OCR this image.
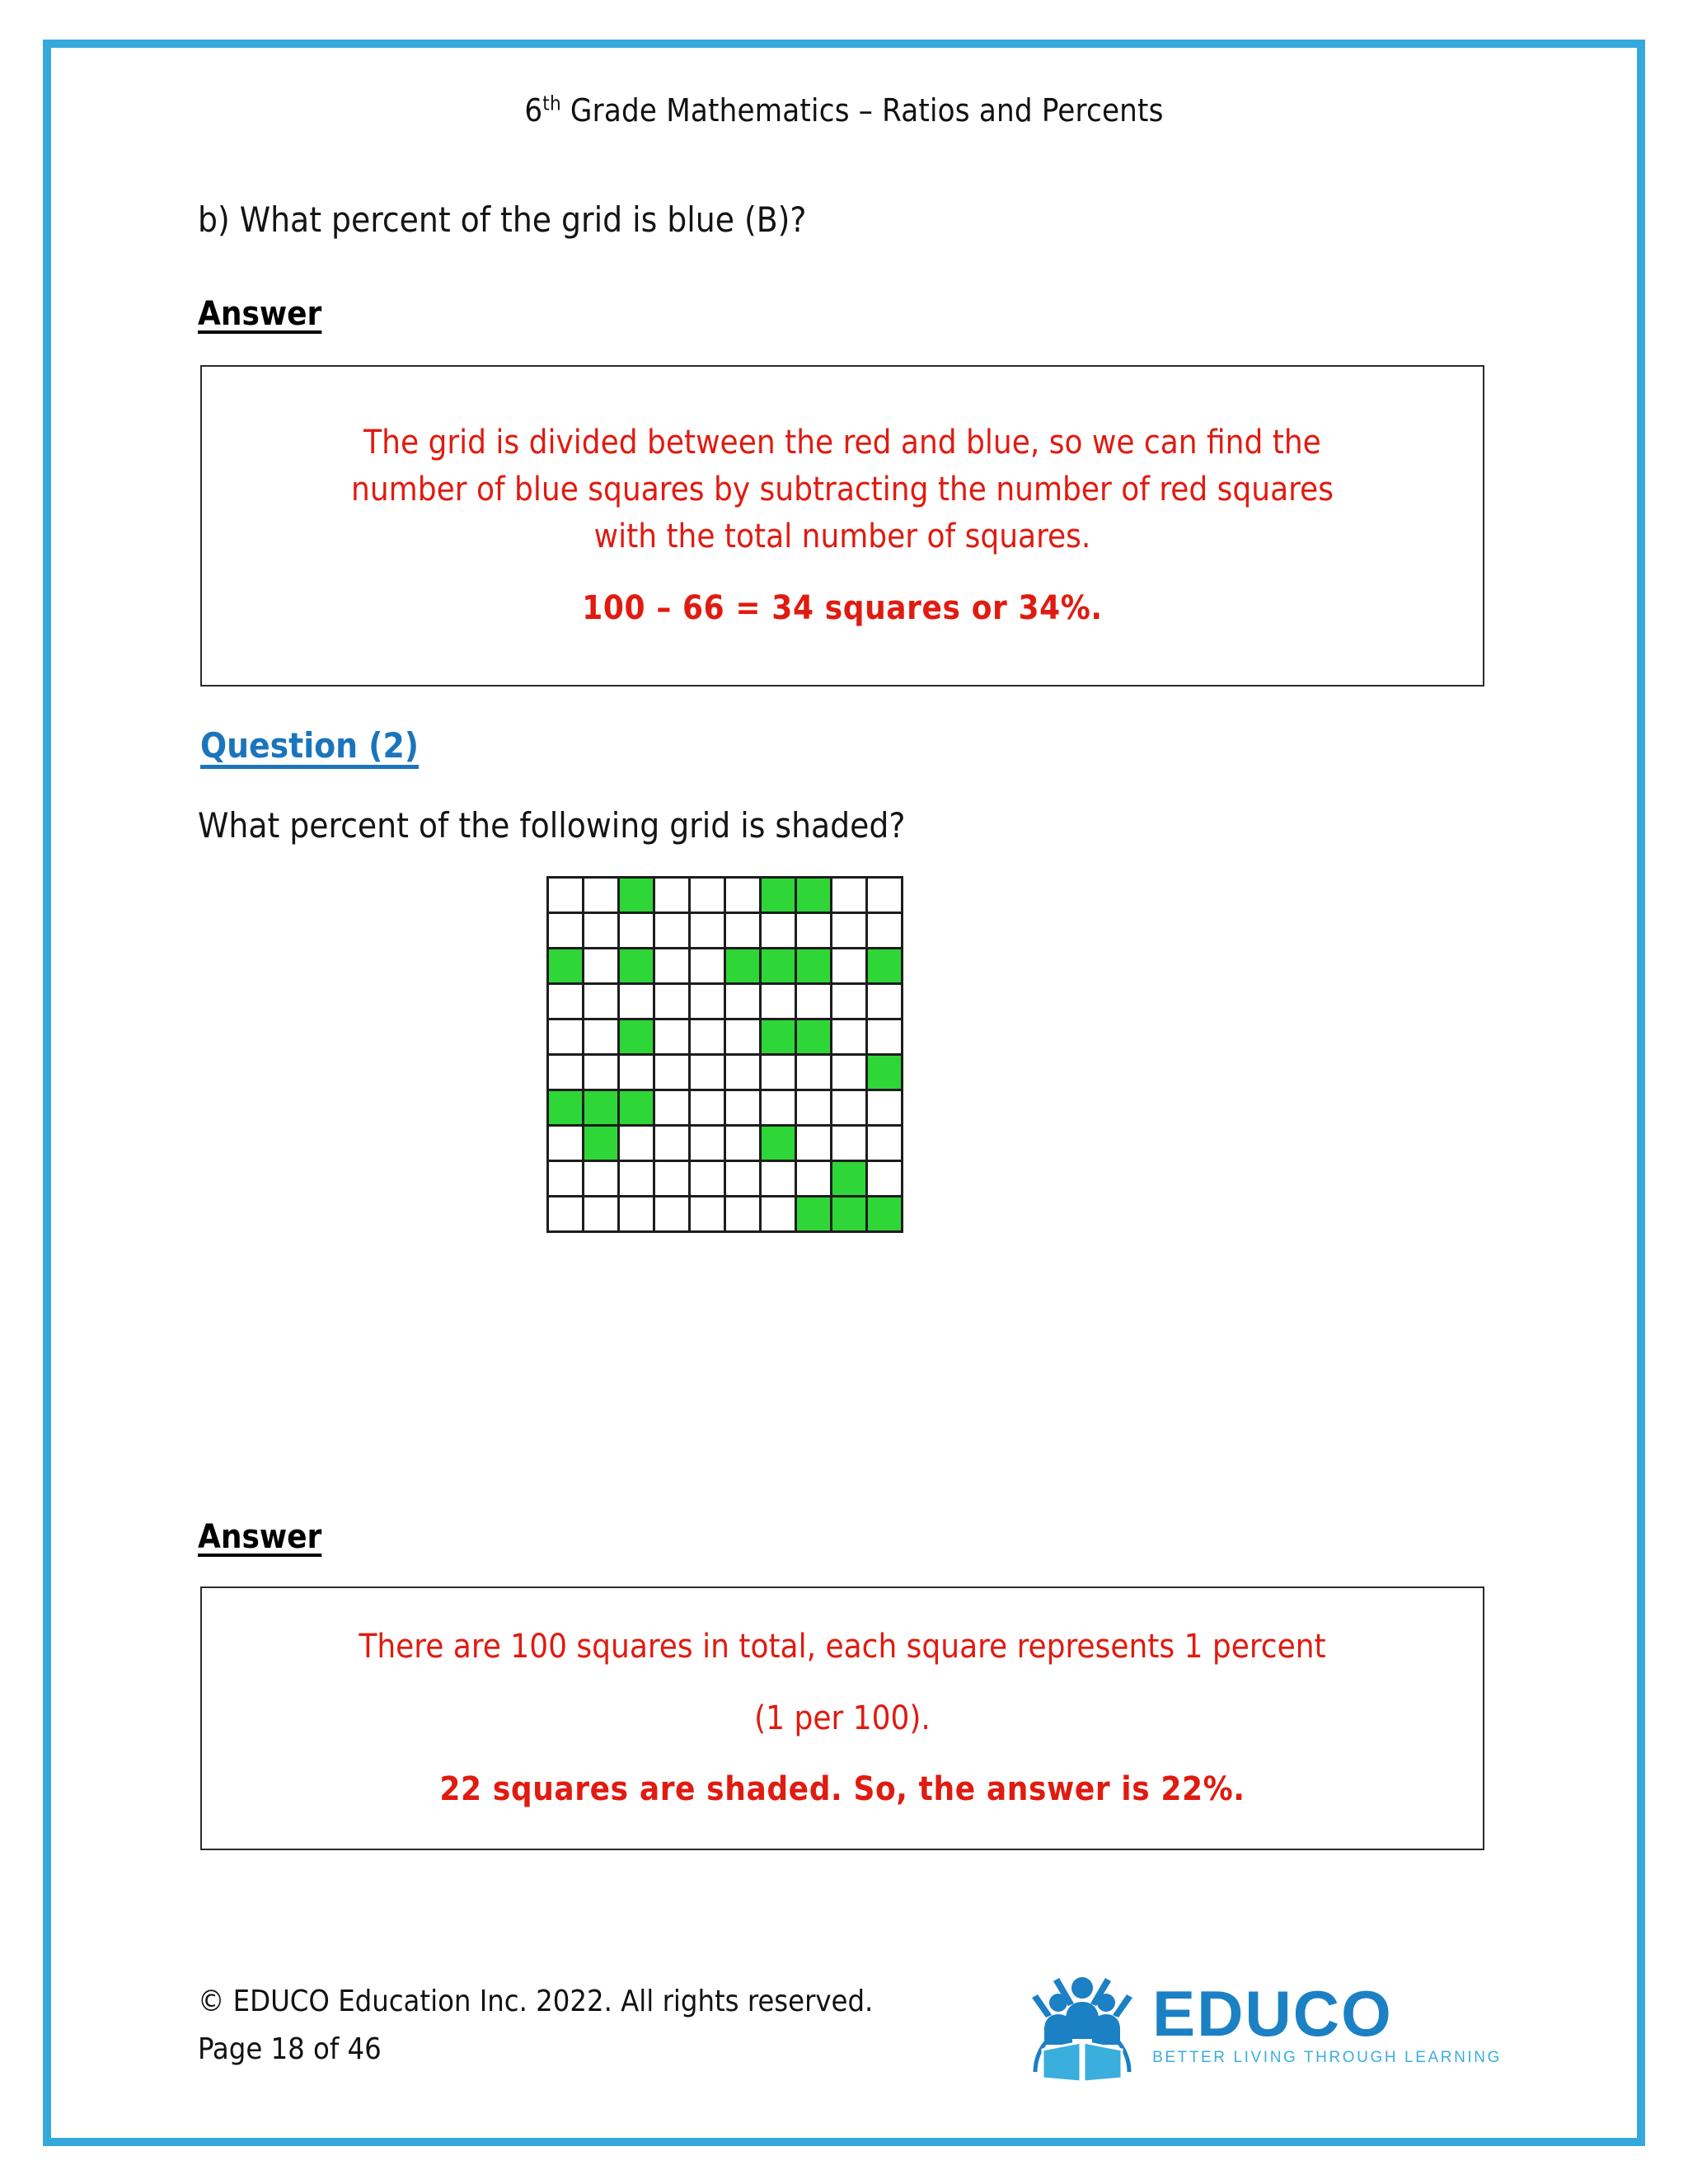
6th Grade Mathematics – Ratios and Percents
b) What percent of the grid is blue (B)?
Answer
The grid is divided between the red and blue, so we can find the
number of blue squares by subtracting the number of red squares
with the total number of squares.
100 – 66 = 34 squares or 34%.
Question (2)
What percent of the following grid is shaded?

Answer
There are 100 squares in total, each square represents 1 percent
(1 per 100).
22 squares are shaded. So, the answer is 22%.
© EDUCO Education Inc. 2022. All rights reserved.
Page 18 of 46	EDUCO
BETTER LIVING THROUGH LEARNING
